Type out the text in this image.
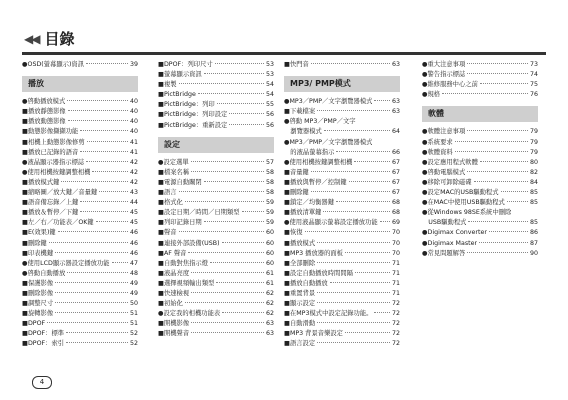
◀◀ 目錄
●OSD(螢幕顯示)資訊	39
播放
●啓動播放模式	40
■播放靜態影像	40
■播放動態影像	40
■動態影像擷擷功能	40
■相機上動態影像修剪	41
■播放已記錄的語音	41
●液晶顯示器指示標誌	42
●使用相機按鍵調整相機	42
■播放模式鍵	42
■縮略圖／放大鍵／音量鍵	43
■語音備忘錄／上鍵	44
■播放＆暫停／下鍵	45
■左／右／功能表／OK鍵	45
■E(效果)鍵	46
■刪除鍵	46
■印表機鍵	46
●使用LCD顯示器設定播放功能	47
●啓動自動播放	48
■保護影像	49
■刪除影像	49
■調整尺寸	50
■旋轉影像	51
■DPOF	51
■DPOF：標準	52
■DPOF：索引	52
■DPOF：列印尺寸	53
■螢幕顯示資訊	53
■複製	54
■PictBridge	54
■PictBridge：列印	55
■PictBridge：列印設定	56
■PictBridge：重新設定	56
設定
●設定選單	57
■檔案名稱	58
■電源自動關閉	58
■語言	58
■格式化	59
■設定日期／時間／日期類型	59
■列印記錄日期	59
■聲音	60
■連接外部設備(USB)	60
■AF 聲音	60
■自動對焦指示燈	60
■液晶亮度	61
■選擇視頻輸出類型	61
■快速檢視	62
■初始化	62
●設定我的相機功能表	62
■開機影像	63
■開機聲音	63
■快門音	63
MP3/ PMP模式
●MP3／PMP／文字瀏覽器模式	63
■下載檔案	63
●啓動 MP3／PMP／文字
　瀏覽器模式	64
●MP3／PMP／文字瀏覽器模式
　的液晶螢幕指示	66
●使用相機按鍵調整相機	67
■音量鍵	67
■播放與暫停／控制鍵	67
■刪除鍵	67
■鎖定／均衡器鍵	68
■播放清單鍵	68
●使用液晶顯示螢幕設定播放功能 69
■恢復	70
■播放模式	70
■MP3 播放器的面板	70
■全部刪除	71
■設定自動播放時間間隔	71
■播放自動播放	71
■重置背景	71
■顯示設定	72
■在MP3模式中設定記錄功能。	72
■自動滑動	72
■MP3 背景音樂設定	72
■語言設定	72
●重大注意事項	73
●警告指示標誌	74
●維修服務中心之前	75
●規格	76
軟體
●軟體注意事項	79
●系統要求	79
●軟體資料	79
●設定應用程式軟體	80
●啓動電腦模式	82
●移除可卸除磁碟	84
●設定MAC的USB驅動程式	85
●在MAC中使用USB驅動程式	85
●從Windows 98SE系統中刪除
　USB驅動程式	85
●Digimax Converter	86
●Digimax Master	87
●常見問題解答	90
4
